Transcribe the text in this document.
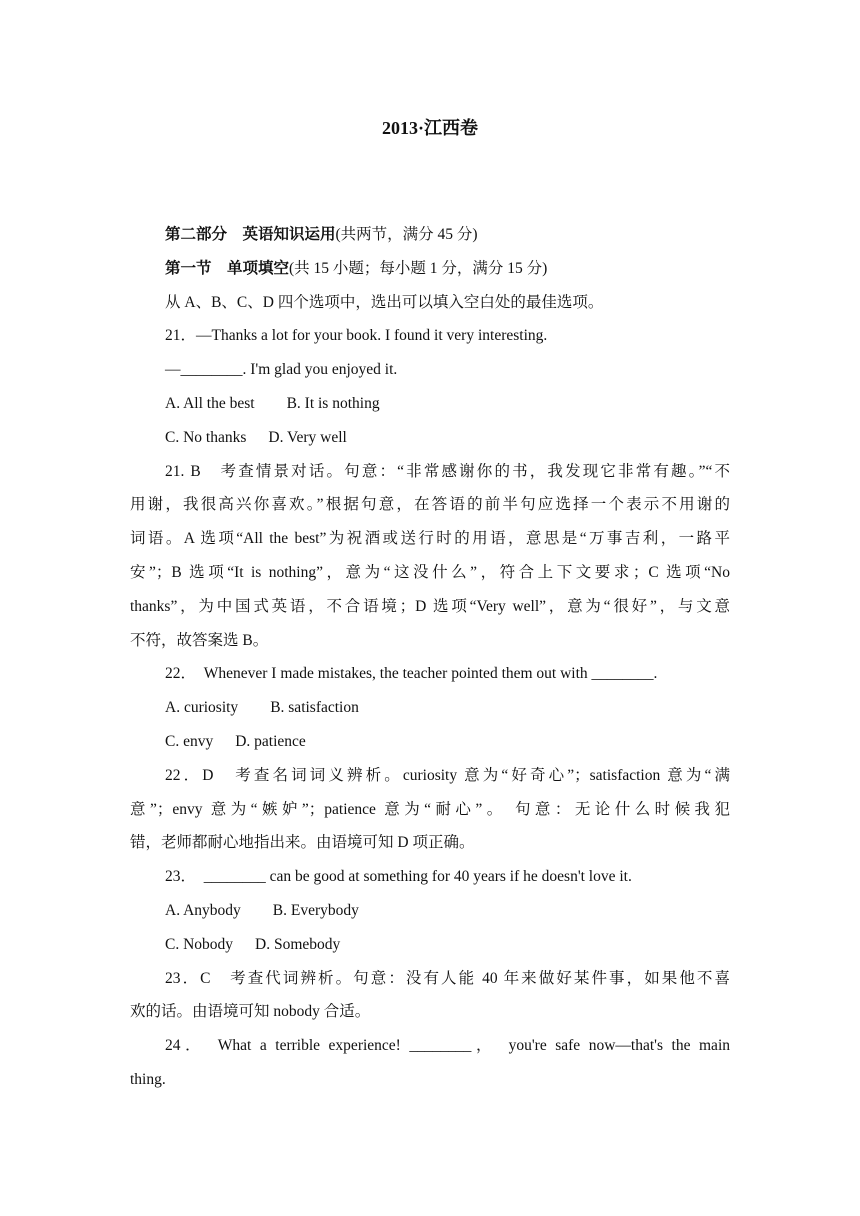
2013·江西卷
第二部分　英语知识运用(共两节，满分 45 分)
第一节　单项填空(共 15 小题；每小题 1 分，满分 15 分)
从 A、B、C、D 四个选项中，选出可以填入空白处的最佳选项。
21．—Thanks a lot for your book. I found it very interesting.
—________. I'm glad you enjoyed it.
A. All the best B. It is nothing
C. No thanks D. Very well
21. B　考查情景对话。句意：“非常感谢你的书，我发现它非常有趣。”“不
用谢，我很高兴你喜欢。”根据句意，在答语的前半句应选择一个表示不用谢的
词语。A 选项“All the best”为祝酒或送行时的用语，意思是“万事吉利，一路平
安”；B 选项“It is nothing”，意为“这没什么”，符合上下文要求；C 选项“No
thanks”，为中国式英语，不合语境；D 选项“Very well”，意为“很好”，与文意
不符，故答案选 B。
22．　Whenever I made mistakes, the teacher pointed them out with ________.
A. curiosity B. satisfaction
C. envy D. patience
22．D　考查名词词义辨析。curiosity 意为“好奇心”；satisfaction 意为“满
意”；envy 意为“嫉妒”；patience 意为“耐心”。 句意：无论什么时候我犯
错，老师都耐心地指出来。由语境可知 D 项正确。
23．　________ can be good at something for 40 years if he doesn't love it.
A. Anybody B. Everybody
C. Nobody D. Somebody
23．C　考查代词辨析。句意：没有人能 40 年来做好某件事，如果他不喜
欢的话。由语境可知 nobody 合适。
24．　What a terrible experience! ________，　you're safe now—that's the main
thing.
